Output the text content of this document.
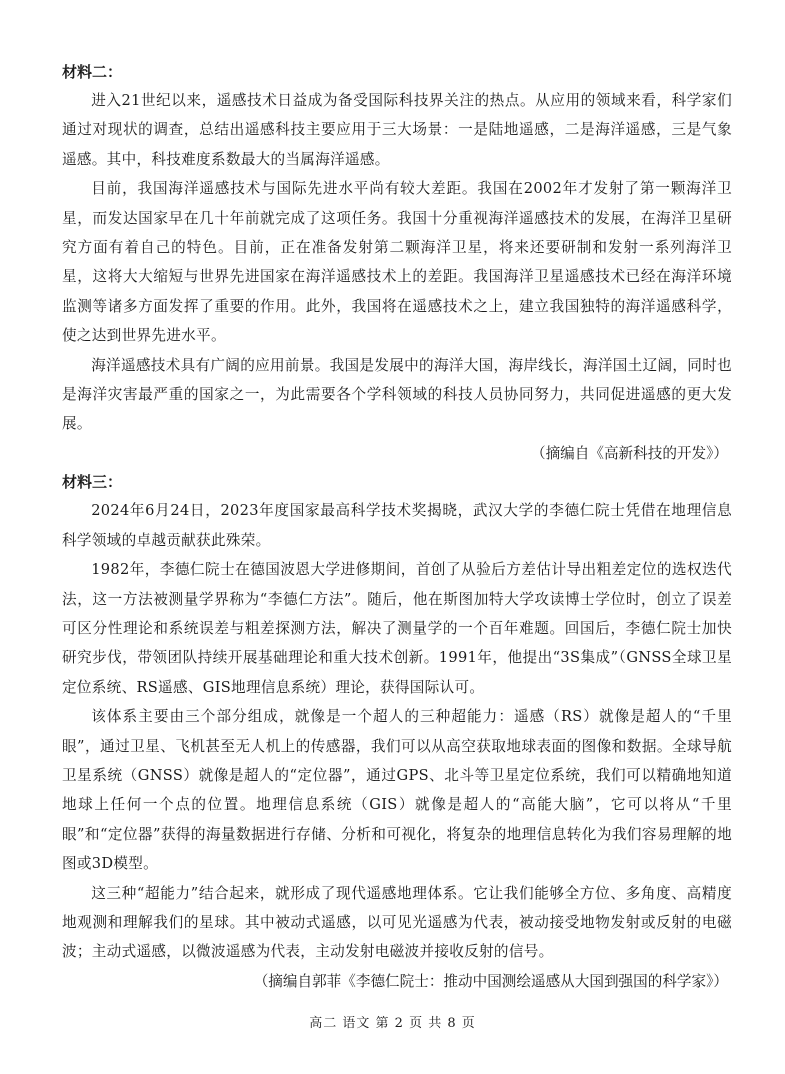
材料二：

进入21世纪以来，遥感技术日益成为备受国际科技界关注的热点。从应用的领域来看，科学家们通过对现状的调查，总结出遥感科技主要应用于三大场景：一是陆地遥感，二是海洋遥感，三是气象遥感。其中，科技难度系数最大的当属海洋遥感。

目前，我国海洋遥感技术与国际先进水平尚有较大差距。我国在2002年才发射了第一颗海洋卫星，而发达国家早在几十年前就完成了这项任务。我国十分重视海洋遥感技术的发展，在海洋卫星研究方面有着自己的特色。目前，正在准备发射第二颗海洋卫星，将来还要研制和发射一系列海洋卫星，这将大大缩短与世界先进国家在海洋遥感技术上的差距。我国海洋卫星遥感技术已经在海洋环境监测等诸多方面发挥了重要的作用。此外，我国将在遥感技术之上，建立我国独特的海洋遥感科学，使之达到世界先进水平。

海洋遥感技术具有广阔的应用前景。我国是发展中的海洋大国，海岸线长，海洋国土辽阔，同时也是海洋灾害最严重的国家之一，为此需要各个学科领域的科技人员协同努力，共同促进遥感的更大发展。

（摘编自《高新科技的开发》）

材料三：

2024年6月24日，2023年度国家最高科学技术奖揭晓，武汉大学的李德仁院士凭借在地理信息科学领域的卓越贡献获此殊荣。

1982年，李德仁院士在德国波恩大学进修期间，首创了从验后方差估计导出粗差定位的选权迭代法，这一方法被测量学界称为“李德仁方法”。随后，他在斯图加特大学攻读博士学位时，创立了误差可区分性理论和系统误差与粗差探测方法，解决了测量学的一个百年难题。回国后，李德仁院士加快研究步伐，带领团队持续开展基础理论和重大技术创新。1991年，他提出“3S集成”（GNSS全球卫星定位系统、RS遥感、GIS地理信息系统）理论，获得国际认可。

该体系主要由三个部分组成，就像是一个超人的三种超能力：遥感（RS）就像是超人的“千里眼”，通过卫星、飞机甚至无人机上的传感器，我们可以从高空获取地球表面的图像和数据。全球导航卫星系统（GNSS）就像是超人的“定位器”，通过GPS、北斗等卫星定位系统，我们可以精确地知道地球上任何一个点的位置。地理信息系统（GIS）就像是超人的“高能大脑”，它可以将从“千里眼”和“定位器”获得的海量数据进行存储、分析和可视化，将复杂的地理信息转化为我们容易理解的地图或3D模型。

这三种“超能力”结合起来，就形成了现代遥感地理体系。它让我们能够全方位、多角度、高精度地观测和理解我们的星球。其中被动式遥感，以可见光遥感为代表，被动接受地物发射或反射的电磁波；主动式遥感，以微波遥感为代表，主动发射电磁波并接收反射的信号。

（摘编自郭菲《李德仁院士：推动中国测绘遥感从大国到强国的科学家》）

高二 语文 第 2 页 共 8 页
